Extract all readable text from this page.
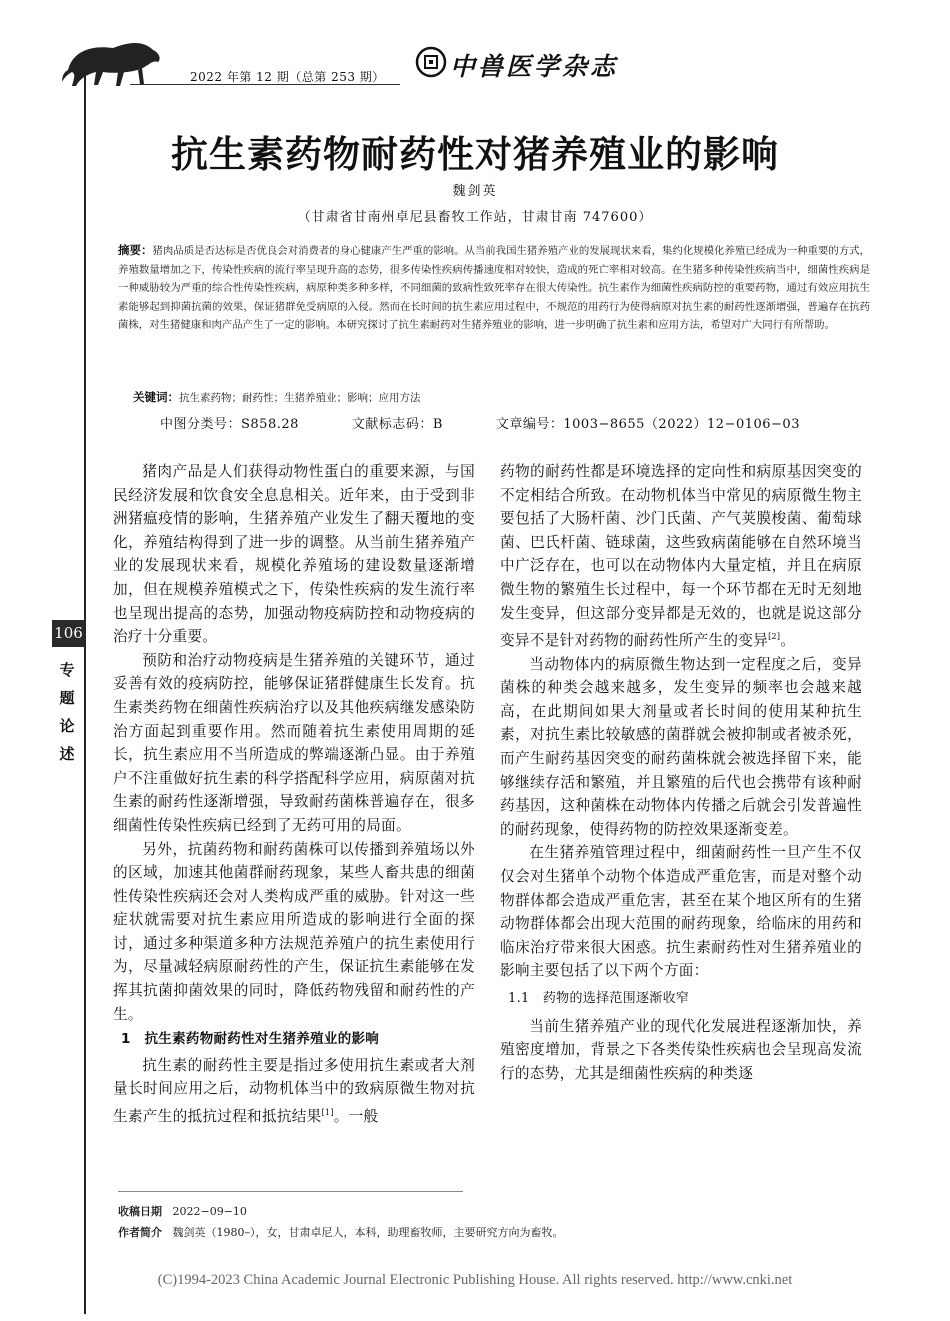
2022 年第 12 期（总第 253 期）	中兽医学杂志
抗生素药物耐药性对猪养殖业的影响
魏剑英
（甘肃省甘南州卓尼县畜牧工作站，甘肃甘南 747600）
摘要：猪肉品质是否达标是否优良会对消费者的身心健康产生严重的影响。从当前我国生猪养殖产业的发展现状来看，集约化规模化养殖已经成为一种重要的方式，养殖数量增加之下，传染性疾病的流行率呈现升高的态势，很多传染性疾病传播速度相对较快，造成的死亡率相对较高。在生猪多种传染性疾病当中，细菌性疾病是一种威胁较为严重的综合性传染性疾病，病原种类多种多样，不同细菌的致病性致死率存在很大传染性。抗生素作为细菌性疾病防控的重要药物，通过有效应用抗生素能够起到抑菌抗菌的效果，保证猪群免受病原的入侵。然而在长时间的抗生素应用过程中，不规范的用药行为使得病原对抗生素的耐药性逐渐增强，普遍存在抗药菌株，对生猪健康和肉产品产生了一定的影响。本研究探讨了抗生素耐药对生猪养殖业的影响，进一步明确了抗生素和应用方法，希望对广大同行有所帮助。
关键词：抗生素药物；耐药性；生猪养殖业；影响；应用方法
中图分类号：S858.28	文献标志码：B	文章编号：1003−8655（2022）12−0106−03

猪肉产品是人们获得动物性蛋白的重要来源，与国民经济发展和饮食安全息息相关。近年来，由于受到非洲猪瘟疫情的影响，生猪养殖产业发生了翻天覆地的变化，养殖结构得到了进一步的调整。从当前生猪养殖产业的发展现状来看，规模化养殖场的建设数量逐渐增加，但在规模养殖模式之下，传染性疾病的发生流行率也呈现出提高的态势，加强动物疫病防控和动物疫病的治疗十分重要。

预防和治疗动物疫病是生猪养殖的关键环节，通过妥善有效的疫病防控，能够保证猪群健康生长发育。抗生素类药物在细菌性疾病治疗以及其他疾病继发感染防治方面起到重要作用。然而随着抗生素使用周期的延长，抗生素应用不当所造成的弊端逐渐凸显。由于养殖户不注重做好抗生素的科学搭配科学应用，病原菌对抗生素的耐药性逐渐增强，导致耐药菌株普遍存在，很多细菌性传染性疾病已经到了无药可用的局面。

另外，抗菌药物和耐药菌株可以传播到养殖场以外的区域，加速其他菌群耐药现象，某些人畜共患的细菌性传染性疾病还会对人类构成严重的威胁。针对这一些症状就需要对抗生素应用所造成的影响进行全面的探讨，通过多种渠道多种方法规范养殖户的抗生素使用行为，尽量减轻病原耐药性的产生，保证抗生素能够在发挥其抗菌抑菌效果的同时，降低药物残留和耐药性的产生。

1　抗生素药物耐药性对生猪养殖业的影响

抗生素的耐药性主要是指过多使用抗生素或者大剂量长时间应用之后，动物机体当中的致病原微生物对抗生素产生的抵抗过程和抵抗结果[1]。一般

药物的耐药性都是环境选择的定向性和病原基因突变的不定相结合所致。在动物机体当中常见的病原微生物主要包括了大肠杆菌、沙门氏菌、产气荚膜梭菌、葡萄球菌、巴氏杆菌、链球菌，这些致病菌能够在自然环境当中广泛存在，也可以在动物体内大量定植，并且在病原微生物的繁殖生长过程中，每一个环节都在无时无刻地发生变异，但这部分变异都是无效的，也就是说这部分变异不是针对药物的耐药性所产生的变异[2]。

当动物体内的病原微生物达到一定程度之后，变异菌株的种类会越来越多，发生变异的频率也会越来越高，在此期间如果大剂量或者长时间的使用某种抗生素，对抗生素比较敏感的菌群就会被抑制或者被杀死，而产生耐药基因突变的耐药菌株就会被选择留下来，能够继续存活和繁殖，并且繁殖的后代也会携带有该种耐药基因，这种菌株在动物体内传播之后就会引发普遍性的耐药现象，使得药物的防控效果逐渐变差。

在生猪养殖管理过程中，细菌耐药性一旦产生不仅仅会对生猪单个动物个体造成严重危害，而是对整个动物群体都会造成严重危害，甚至在某个地区所有的生猪动物群体都会出现大范围的耐药现象，给临床的用药和临床治疗带来很大困惑。抗生素耐药性对生猪养殖业的影响主要包括了以下两个方面：

1.1　药物的选择范围逐渐收窄

当前生猪养殖产业的现代化发展进程逐渐加快，养殖密度增加，背景之下各类传染性疾病也会呈现高发流行的态势，尤其是细菌性疾病的种类逐

106
专
题
论
述
收稿日期 2022−09−10
作者简介 魏剑英（1980–），女，甘肃卓尼人，本科，助理畜牧师，主要研究方向为畜牧。
(C)1994-2023 China Academic Journal Electronic Publishing House. All rights reserved. http://www.cnki.net
